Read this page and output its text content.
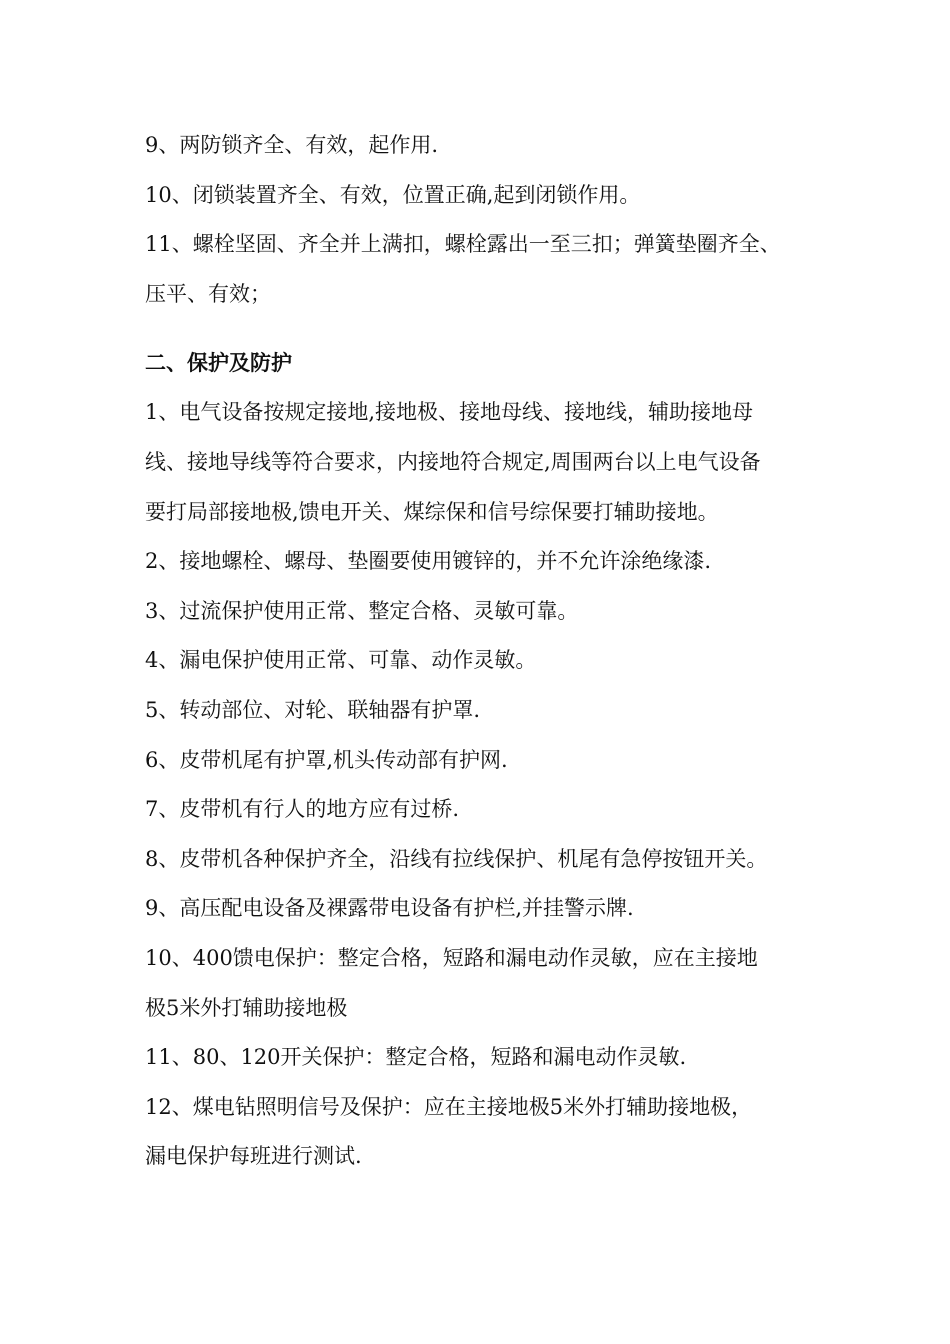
9、两防锁齐全、有效，起作用.

10、闭锁装置齐全、有效，位置正确,起到闭锁作用。

11、螺栓坚固、齐全并上满扣，螺栓露出一至三扣；弹簧垫圈齐全、

压平、有效；

二、保护及防护

1、电气设备按规定接地,接地极、接地母线、接地线，辅助接地母

线、接地导线等符合要求，内接地符合规定,周围两台以上电气设备

要打局部接地极,馈电开关、煤综保和信号综保要打辅助接地。

2、接地螺栓、螺母、垫圈要使用镀锌的，并不允许涂绝缘漆.

3、过流保护使用正常、整定合格、灵敏可靠。

4、漏电保护使用正常、可靠、动作灵敏。

5、转动部位、对轮、联轴器有护罩.

6、皮带机尾有护罩,机头传动部有护网.

7、皮带机有行人的地方应有过桥.

8、皮带机各种保护齐全，沿线有拉线保护、机尾有急停按钮开关。

9、高压配电设备及裸露带电设备有护栏,并挂警示牌.

10、400馈电保护：整定合格，短路和漏电动作灵敏，应在主接地

极5米外打辅助接地极

11、80、120开关保护：整定合格，短路和漏电动作灵敏.

12、煤电钻照明信号及保护：应在主接地极5米外打辅助接地极，

漏电保护每班进行测试.
